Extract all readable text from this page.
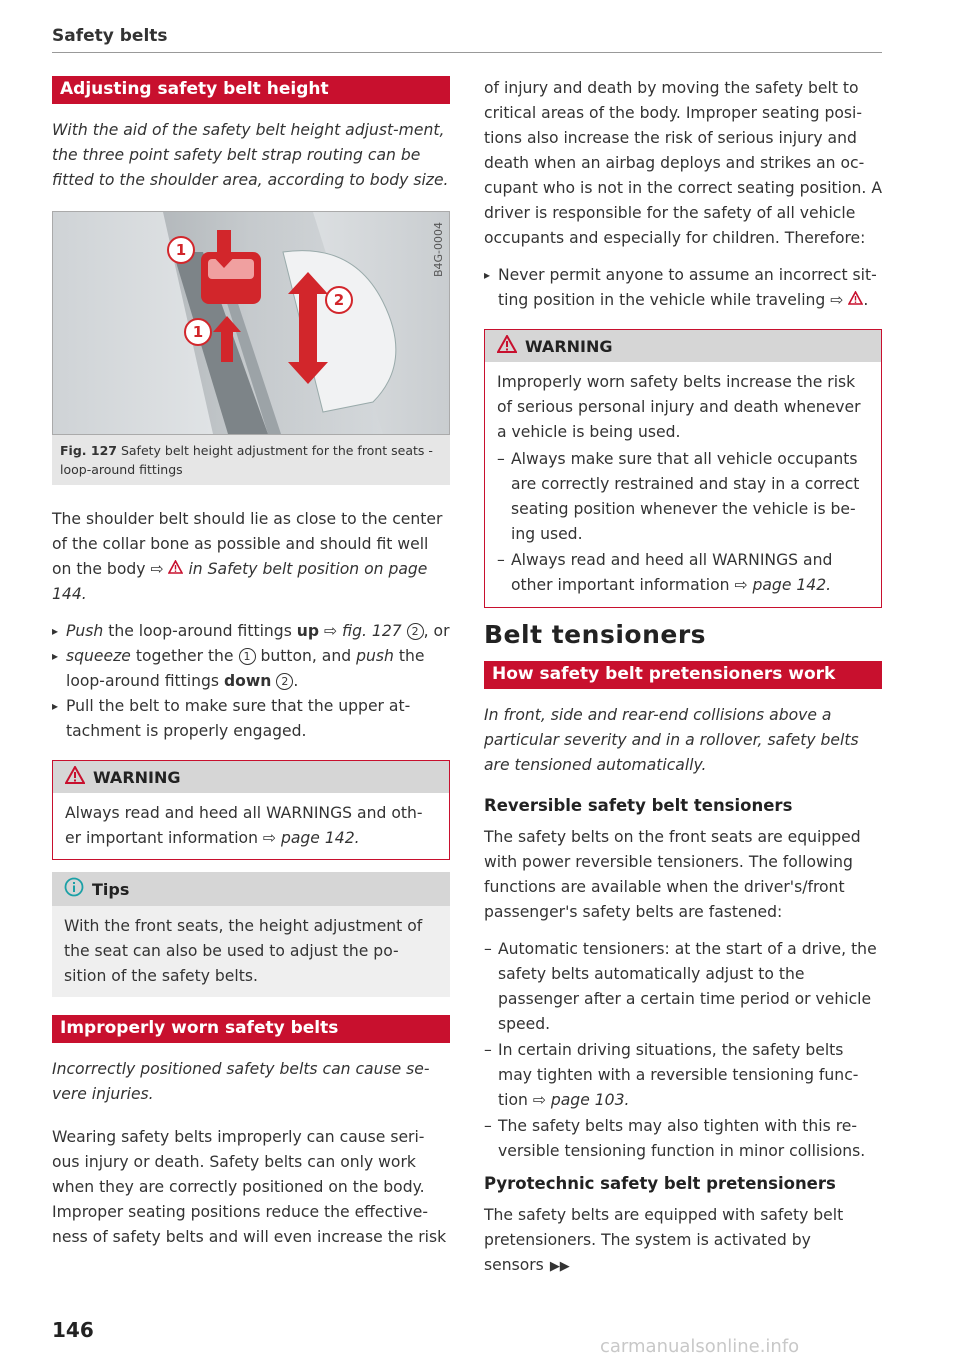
Safety belts
Adjusting safety belt height
With the aid of the safety belt height adjust-ment, the three point safety belt strap routing can be fitted to the shoulder area, according to body size.
1
1
2
B4G-0004
Fig. 127 Safety belt height adjustment for the front seats - loop-around fittings

The shoulder belt should lie as close to the center of the collar bone as possible and should fit well on the body ⇨  in Safety belt position on page 144.

▸ Push the loop-around fittings up ⇨ fig. 127 2 , or
▸ squeeze together the 1 button, and push the loop-around fittings down 2 .
▸ Pull the belt to make sure that the upper at-tachment is properly engaged.
WARNING
Always read and heed all WARNINGS and oth-er important information ⇨ page 142.
Tips
With the front seats, the height adjustment of the seat can also be used to adjust the po-sition of the safety belts.
Improperly worn safety belts
Incorrectly positioned safety belts can cause se-vere injuries.

Wearing safety belts improperly can cause seri-ous injury or death. Safety belts can only work when they are correctly positioned on the body. Improper seating positions reduce the effective-ness of safety belts and will even increase the risk

of injury and death by moving the safety belt to critical areas of the body. Improper seating posi-tions also increase the risk of serious injury and death when an airbag deploys and strikes an oc-cupant who is not in the correct seating position. A driver is responsible for the safety of all vehicle occupants and especially for children. Therefore:

▸ Never permit anyone to assume an incorrect sit-ting position in the vehicle while traveling ⇨ .
WARNING
Improperly worn safety belts increase the risk of serious personal injury and death whenever a vehicle is being used.
– Always make sure that all vehicle occupants are correctly restrained and stay in a correct seating position whenever the vehicle is be-ing used.
– Always read and heed all WARNINGS and other important information ⇨ page 142.
Belt tensioners
How safety belt pretensioners work
In front, side and rear-end collisions above a particular severity and in a rollover, safety belts are tensioned automatically.
Reversible safety belt tensioners

The safety belts on the front seats are equipped with power reversible tensioners. The following functions are available when the driver's/front passenger's safety belts are fastened:

– Automatic tensioners: at the start of a drive, the safety belts automatically adjust to the passenger after a certain time period or vehicle speed.
– In certain driving situations, the safety belts may tighten with a reversible tensioning func-tion ⇨ page 103.
– The safety belts may also tighten with this re-versible tensioning function in minor collisions.
Pyrotechnic safety belt pretensioners

The safety belts are equipped with safety belt pretensioners. The system is activated by sensors ▶▶

146
carmanualsonline.info
